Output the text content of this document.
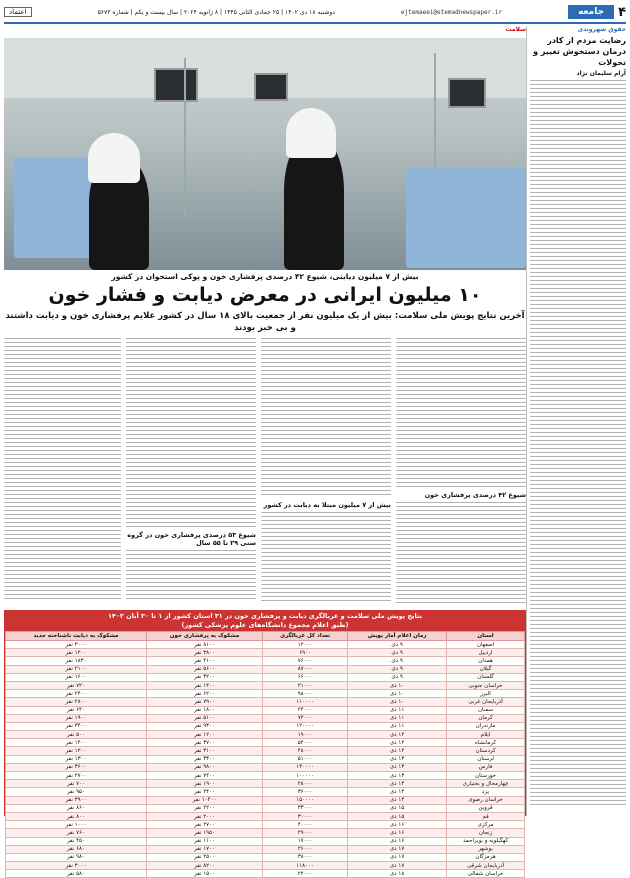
۴
جامعه
ejtemaeei@etemadnewspaper.ir
دوشنبه ۱۸ دی ۱۴۰۲ | ۲۵ جمادی الثانی ۱۴۴۵ | ۸ ژانویه ۲۰۲۴ | سال بیست و یکم | شماره ۵۶۷۳
اعتماد
حقوق شهروندی
رضایت مردم از کادر درمان دستخوش تغییر و تحولات
آرام سلیمان نژاد
سلامت
بیش از ۷ میلیون دیابتی، شیوع ۴۲ درصدی پرفشاری خون و پوکی استخوان در کشور
۱۰ میلیون ایرانی در معرض دیابت و فشار خون
آخرین نتایج پویش ملی سلامت: بیش از یک میلیون نفر از جمعیت بالای ۱۸ سال در کشور علایم پرفشاری خون و دیابت داشتند و بی خبر بودند
شیوع ۴۲ درصدی پرفشاری خون
بیش از ۷ میلیون مبتلا به دیابت در کشور
شیوع ۵۳ درصدی پرفشاری خون در گروه سنی ۲۹ تا ۵۵ سال
نتایج پویش ملی سلامت و غربالگری دیابت و پرفشاری خون در ۳۱ استان کشور از ۱ تا ۳۰ آبان ۱۴۰۲
(طبق اعلام مجموع دانشگاه‌های علوم پزشکی کشور)
استان	زمان اعلام آمار پویش	تعداد کل غربالگری	مشکوک به پرفشاری خون	مشکوک به دیابت ناشناخته جدید
اصفهان	۹ دی	۱۲۰۰۰	۸۱۰۰ نفر	۳۰۰۰ نفر
اردبیل	۹ دی	۶۹۰۰	۳۸۰۰ نفر	۱۲۰۰ نفر
همدان	۹ دی	۷۶۰۰۰	۴۱۰۰ نفر	۱۸۳۰ نفر
گیلان	۹ دی	۸۷۰۰۰	۵۶۰۰ نفر	۲۱۰۰ نفر
گلستان	۹ دی	۶۶۰۰۰	۳۲۰۰ نفر	۱۶۰۰ نفر
خراسان جنوبی	۱۰ دی	۲۱۰۰۰	۱۴۰۰ نفر	۷۲۰ نفر
البرز	۱۰ دی	۹۸۰۰۰	۶۲۰۰ نفر	۲۴۰۰ نفر
آذربایجان غربی	۱۰ دی	۱۱۰۰۰۰	۷۹۰۰ نفر	۲۸۰۰ نفر
سمنان	۱۱ دی	۲۴۰۰۰	۱۸۰۰ نفر	۶۴۰ نفر
کرمان	۱۱ دی	۷۲۰۰۰	۵۱۰۰ نفر	۱۹۰۰ نفر
مازندران	۱۱ دی	۱۲۰۰۰۰	۹۳۰۰ نفر	۳۴۰۰ نفر
ایلام	۱۲ دی	۱۹۰۰۰	۱۲۰۰ نفر	۵۰۰ نفر
کرمانشاه	۱۲ دی	۵۴۰۰۰	۳۷۰۰ نفر	۱۴۰۰ نفر
کردستان	۱۲ دی	۴۸۰۰۰	۳۱۰۰ نفر	۱۲۰۰ نفر
لرستان	۱۳ دی	۵۱۰۰۰	۳۳۰۰ نفر	۱۳۰۰ نفر
فارس	۱۳ دی	۱۴۰۰۰۰	۹۸۰۰ نفر	۳۶۰۰ نفر
خوزستان	۱۳ دی	۱۰۰۰۰۰	۷۴۰۰ نفر	۲۷۰۰ نفر
چهارمحال و بختیاری	۱۴ دی	۲۸۰۰۰	۱۹۰۰ نفر	۷۰۰ نفر
یزد	۱۴ دی	۳۶۰۰۰	۲۴۰۰ نفر	۹۵۰ نفر
خراسان رضوی	۱۴ دی	۱۵۰۰۰۰	۱۰۴۰۰ نفر	۳۹۰۰ نفر
قزوین	۱۵ دی	۳۳۰۰۰	۲۲۰۰ نفر	۸۶۰ نفر
قم	۱۵ دی	۳۰۰۰۰	۲۰۰۰ نفر	۸۰۰ نفر
مرکزی	۱۶ دی	۴۰۰۰۰	۲۷۰۰ نفر	۱۰۰۰ نفر
زنجان	۱۶ دی	۲۹۰۰۰	۱۹۵۰ نفر	۷۶۰ نفر
کهگیلویه و بویراحمد	۱۶ دی	۱۷۰۰۰	۱۱۰۰ نفر	۴۵۰ نفر
بوشهر	۱۷ دی	۲۶۰۰۰	۱۷۰۰ نفر	۶۸۰ نفر
هرمزگان	۱۷ دی	۳۸۰۰۰	۲۵۰۰ نفر	۹۸۰ نفر
آذربایجان شرقی	۱۷ دی	۱۱۸۰۰۰	۸۲۰۰ نفر	۳۰۰۰ نفر
خراسان شمالی	۱۸ دی	۲۲۰۰۰	۱۵۰۰ نفر	۵۸۰ نفر
